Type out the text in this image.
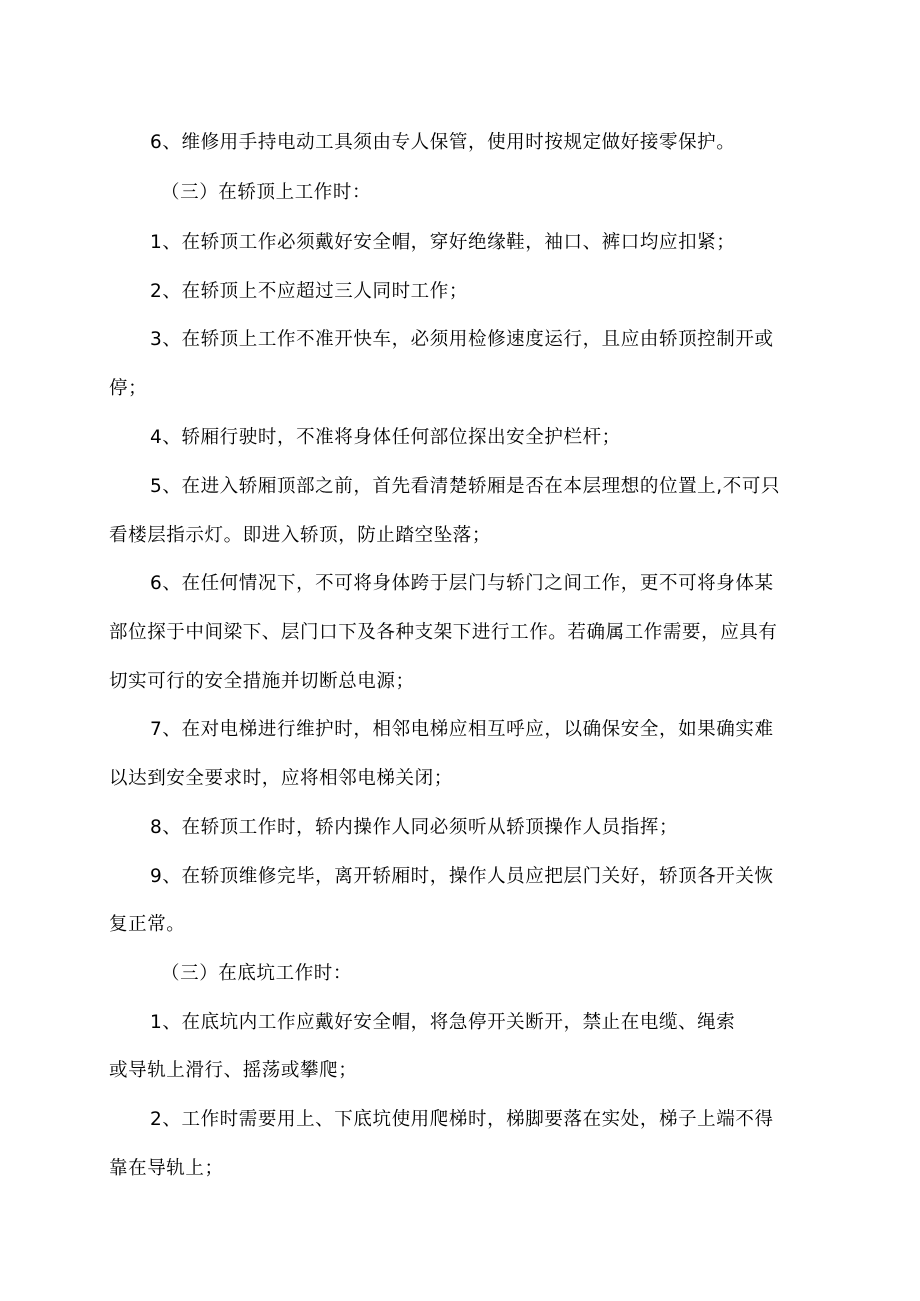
6、维修用手持电动工具须由专人保管，使用时按规定做好接零保护。

（三）在轿顶上工作时：

1、在轿顶工作必须戴好安全帽，穿好绝缘鞋，袖口、裤口均应扣紧；

2、在轿顶上不应超过三人同时工作；

3、在轿顶上工作不准开快车，必须用检修速度运行，且应由轿顶控制开或

停；

4、轿厢行驶时，不准将身体任何部位探出安全护栏杆；

5、在进入轿厢顶部之前，首先看清楚轿厢是否在本层理想的位置上,不可只

看楼层指示灯。即进入轿顶，防止踏空坠落；

6、在任何情况下，不可将身体跨于层门与轿门之间工作，更不可将身体某

部位探于中间梁下、层门口下及各种支架下进行工作。若确属工作需要，应具有

切实可行的安全措施并切断总电源；

7、在对电梯进行维护时，相邻电梯应相互呼应，以确保安全，如果确实难

以达到安全要求时，应将相邻电梯关闭；

8、在轿顶工作时，轿内操作人同必须听从轿顶操作人员指挥；

9、在轿顶维修完毕，离开轿厢时，操作人员应把层门关好，轿顶各开关恢

复正常。

（三）在底坑工作时：

1、在底坑内工作应戴好安全帽，将急停开关断开，禁止在电缆、绳索

或导轨上滑行、摇荡或攀爬；

2、工作时需要用上、下底坑使用爬梯时，梯脚要落在实处，梯子上端不得

靠在导轨上；
